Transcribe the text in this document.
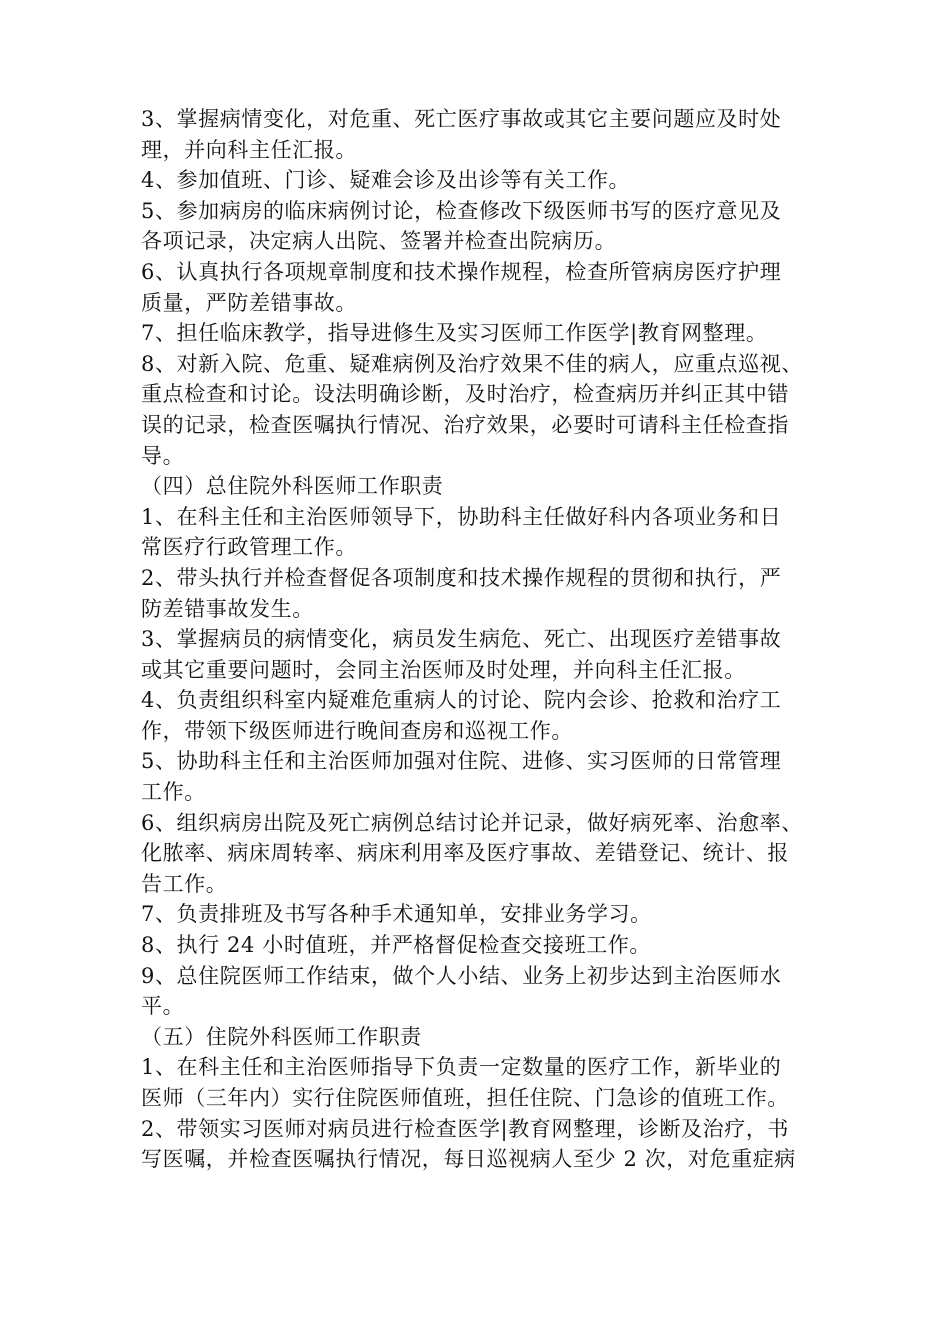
3、掌握病情变化，对危重、死亡医疗事故或其它主要问题应及时处
理，并向科主任汇报。
4、参加值班、门诊、疑难会诊及出诊等有关工作。
5、参加病房的临床病例讨论，检查修改下级医师书写的医疗意见及
各项记录，决定病人出院、签署并检查出院病历。
6、认真执行各项规章制度和技术操作规程，检查所管病房医疗护理
质量，严防差错事故。
7、担任临床教学，指导进修生及实习医师工作医学|教育网整理。
8、对新入院、危重、疑难病例及治疗效果不佳的病人，应重点巡视、
重点检查和讨论。设法明确诊断，及时治疗，检查病历并纠正其中错
误的记录，检查医嘱执行情况、治疗效果，必要时可请科主任检查指
导。
（四）总住院外科医师工作职责
1、在科主任和主治医师领导下，协助科主任做好科内各项业务和日
常医疗行政管理工作。
2、带头执行并检查督促各项制度和技术操作规程的贯彻和执行，严
防差错事故发生。
3、掌握病员的病情变化，病员发生病危、死亡、出现医疗差错事故
或其它重要问题时，会同主治医师及时处理，并向科主任汇报。
4、负责组织科室内疑难危重病人的讨论、院内会诊、抢救和治疗工
作，带领下级医师进行晚间查房和巡视工作。
5、协助科主任和主治医师加强对住院、进修、实习医师的日常管理
工作。
6、组织病房出院及死亡病例总结讨论并记录，做好病死率、治愈率、
化脓率、病床周转率、病床利用率及医疗事故、差错登记、统计、报
告工作。
7、负责排班及书写各种手术通知单，安排业务学习。
8、执行 24 小时值班，并严格督促检查交接班工作。
9、总住院医师工作结束，做个人小结、业务上初步达到主治医师水
平。
（五）住院外科医师工作职责
1、在科主任和主治医师指导下负责一定数量的医疗工作，新毕业的
医师（三年内）实行住院医师值班，担任住院、门急诊的值班工作。
2、带领实习医师对病员进行检查医学|教育网整理，诊断及治疗，书
写医嘱，并检查医嘱执行情况，每日巡视病人至少 2 次，对危重症病
